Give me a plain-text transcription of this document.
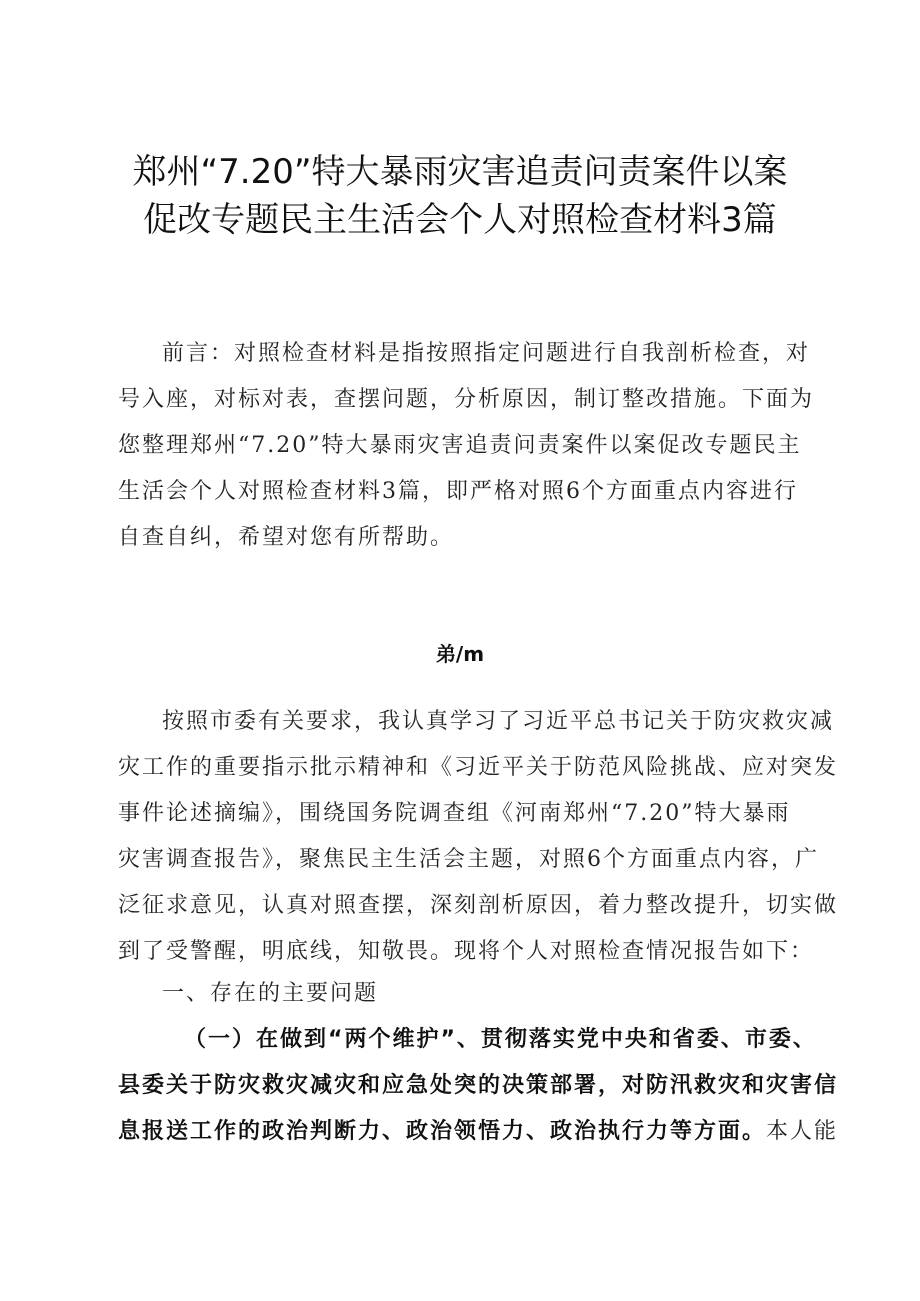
郑州“7.20”特大暴雨灾害追责问责案件以案
促改专题民主生活会个人对照检查材料3篇
前言：对照检查材料是指按照指定问题进行自我剖析检查，对
号入座，对标对表，查摆问题，分析原因，制订整改措施。下面为
您整理郑州“7.20”特大暴雨灾害追责问责案件以案促改专题民主
生活会个人对照检查材料3篇，即严格对照6个方面重点内容进行
自查自纠，希望对您有所帮助。
弟/m
按照市委有关要求，我认真学习了习近平总书记关于防灾救灾减
灾工作的重要指示批示精神和《习近平关于防范风险挑战、应对突发
事件论述摘编》，围绕国务院调查组《河南郑州“7.20”特大暴雨
灾害调查报告》，聚焦民主生活会主题，对照6个方面重点内容，广
泛征求意见，认真对照查摆，深刻剖析原因，着力整改提升，切实做
到了受警醒，明底线，知敬畏。现将个人对照检查情况报告如下：
一、存在的主要问题
（一）在做到“两个维护”、贯彻落实党中央和省委、市委、
县委关于防灾救灾减灾和应急处突的决策部署，对防汛救灾和灾害信
息报送工作的政治判断力、政治领悟力、政治执行力等方面。本人能
